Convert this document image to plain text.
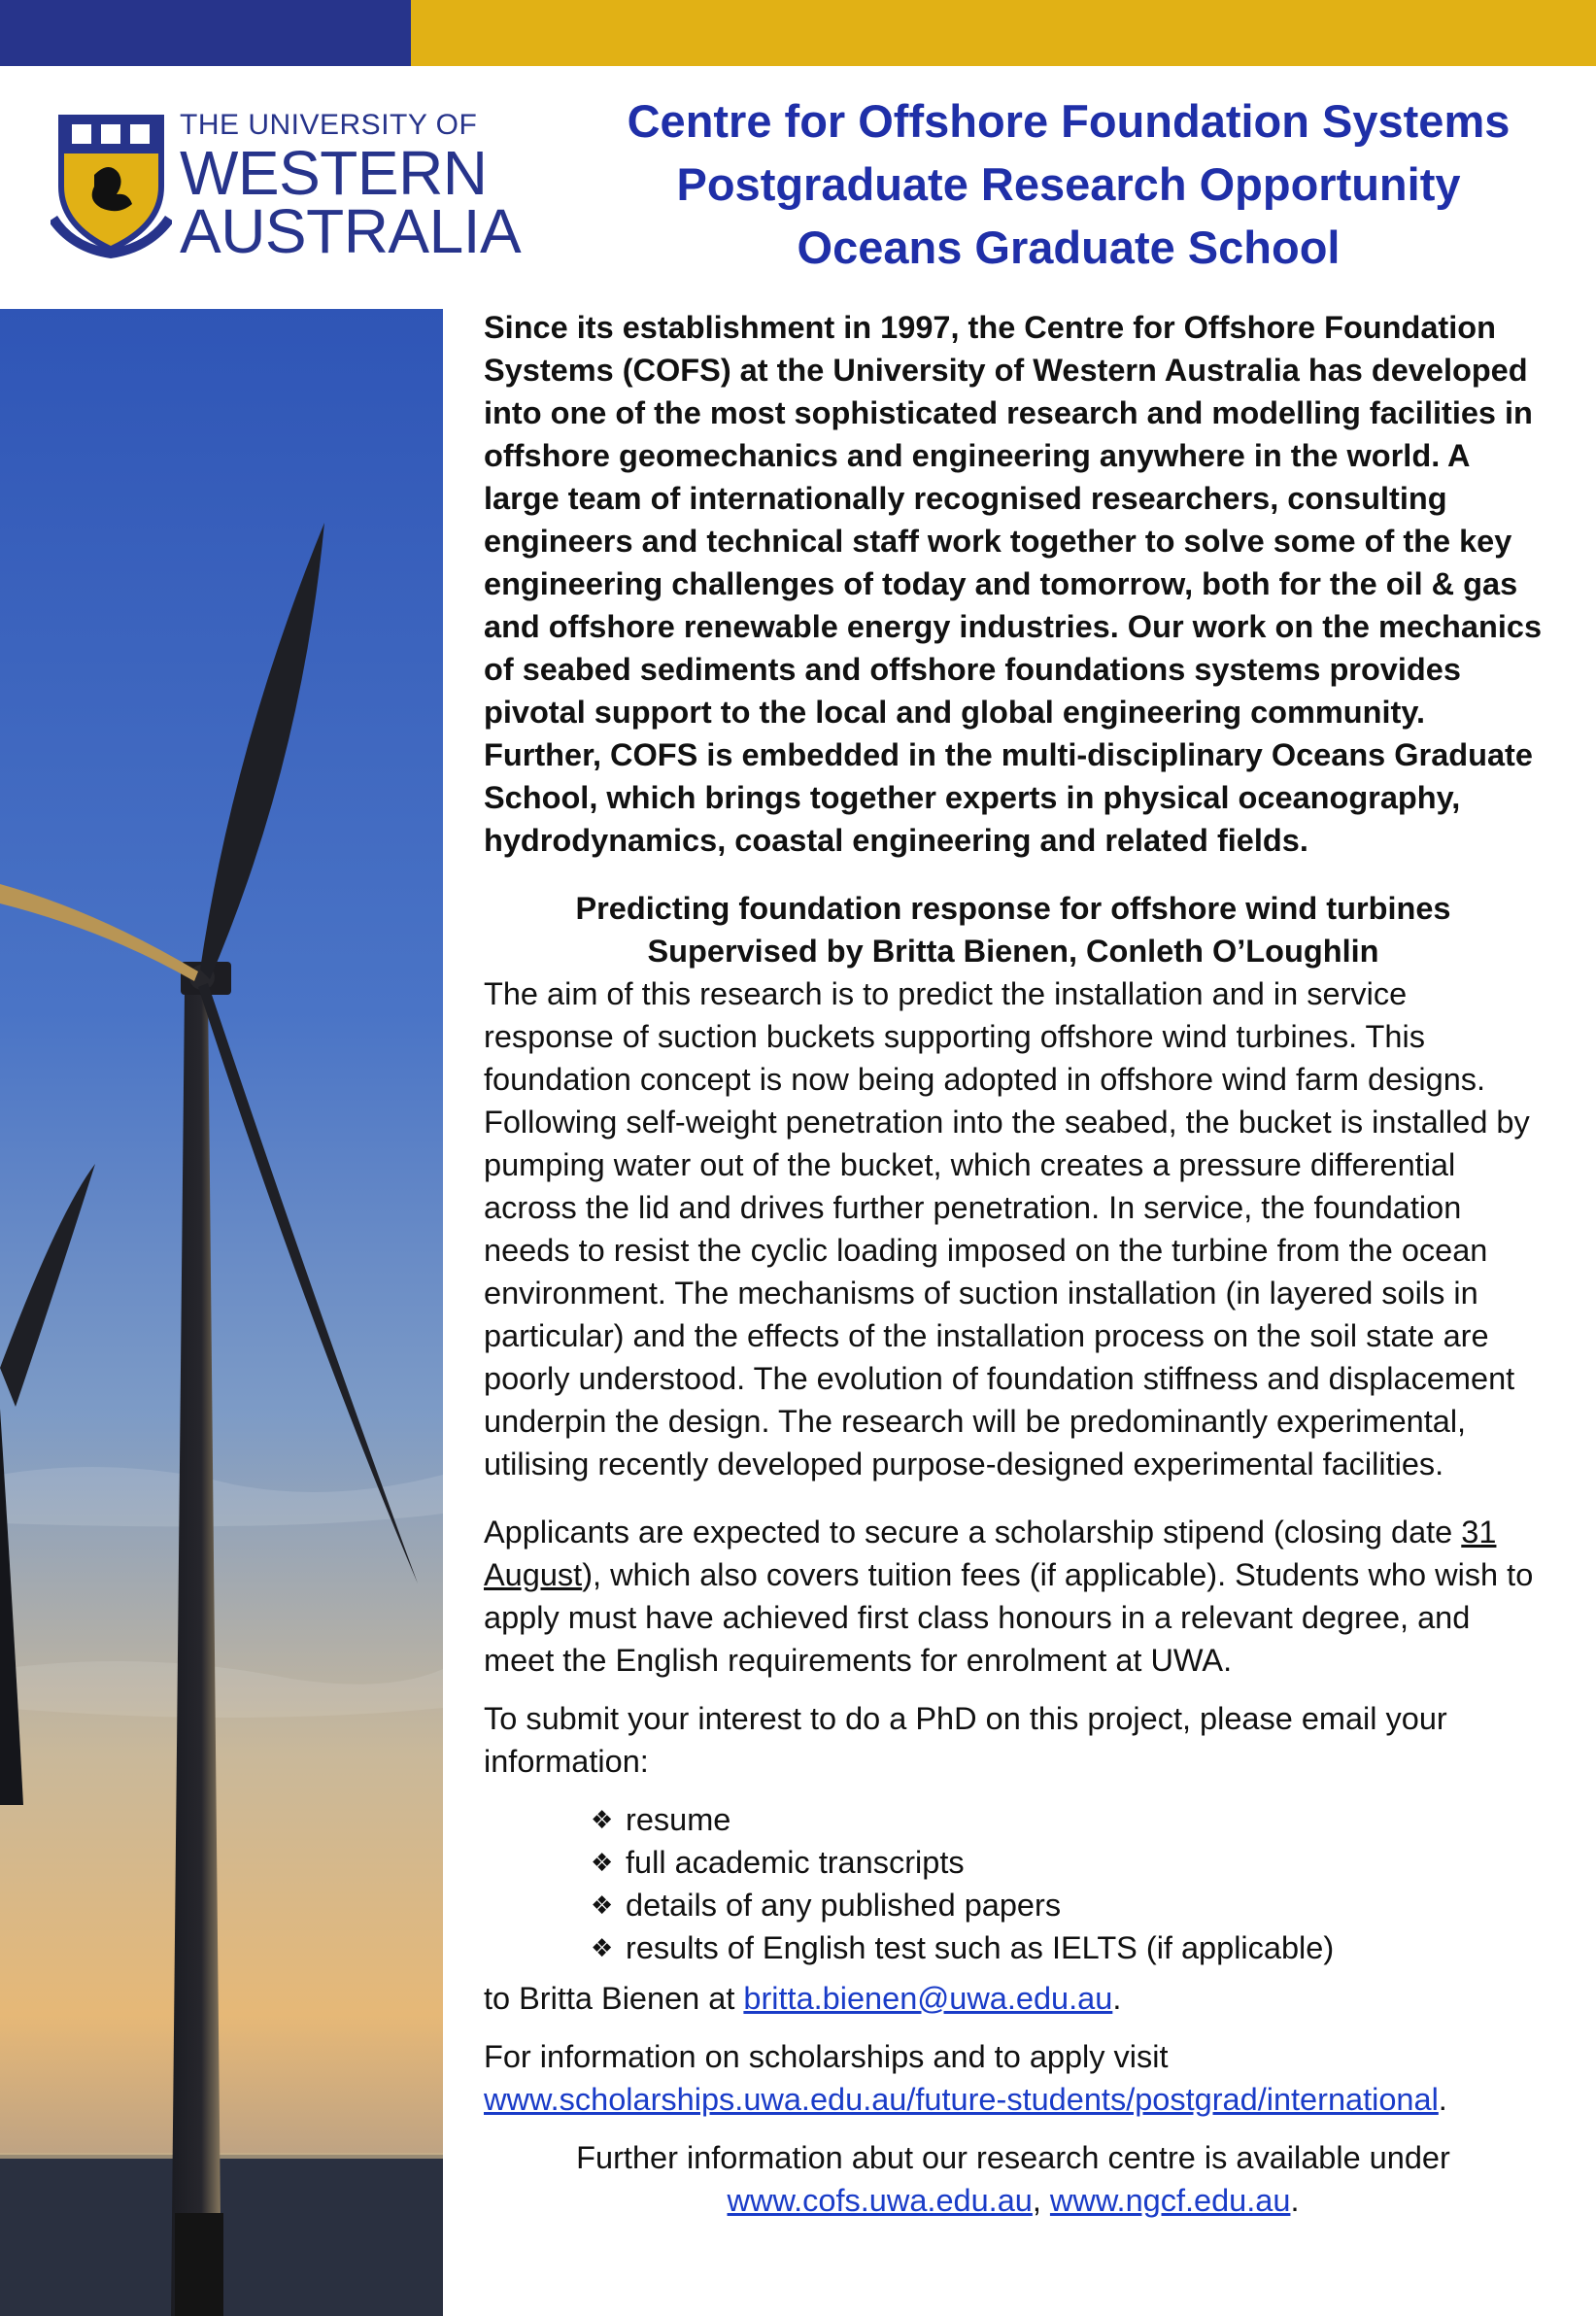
THE UNIVERSITY OF
WESTERN
AUSTRALIA
Centre for Offshore Foundation Systems
Postgraduate Research Opportunity
Oceans Graduate School

Since its establishment in 1997, the Centre for Offshore Foundation Systems (COFS) at the University of Western Australia has developed into one of the most sophisticated research and modelling facilities in offshore geomechanics and engineering anywhere in the world. A large team of internationally recognised researchers, consulting engineers and technical staff work together to solve some of the key engineering challenges of today and tomorrow, both for the oil & gas and offshore renewable energy industries. Our work on the mechanics of seabed sediments and offshore foundations systems provides pivotal support to the local and global engineering community. Further, COFS is embedded in the multi-disciplinary Oceans Graduate School, which brings together experts in physical oceanography, hydrodynamics, coastal engineering and related fields.

Predicting foundation response for offshore wind turbines

Supervised by Britta Bienen, Conleth O’Loughlin

The aim of this research is to predict the installation and in service response of suction buckets supporting offshore wind turbines. This foundation concept is now being adopted in offshore wind farm designs. Following self-weight penetration into the seabed, the bucket is installed by pumping water out of the bucket, which creates a pressure differential across the lid and drives further penetration. In service, the foundation needs to resist the cyclic loading imposed on the turbine from the ocean environment. The mechanisms of suction installation (in layered soils in particular) and the effects of the installation process on the soil state are poorly understood. The evolution of foundation stiffness and displacement underpin the design. The research will be predominantly experimental, utilising recently developed purpose-designed experimental facilities.

Applicants are expected to secure a scholarship stipend (closing date 31 August), which also covers tuition fees (if applicable). Students who wish to apply must have achieved first class honours in a relevant degree, and meet the English requirements for enrolment at UWA.

To submit your interest to do a PhD on this project, please email your information:

❖ resume
❖ full academic transcripts
❖ details of any published papers
❖ results of English test such as IELTS (if applicable)

to Britta Bienen at britta.bienen@uwa.edu.au.

For information on scholarships and to apply visit
www.scholarships.uwa.edu.au/future-students/postgrad/international.

Further information abut our research centre is available under

www.cofs.uwa.edu.au, www.ngcf.edu.au.
